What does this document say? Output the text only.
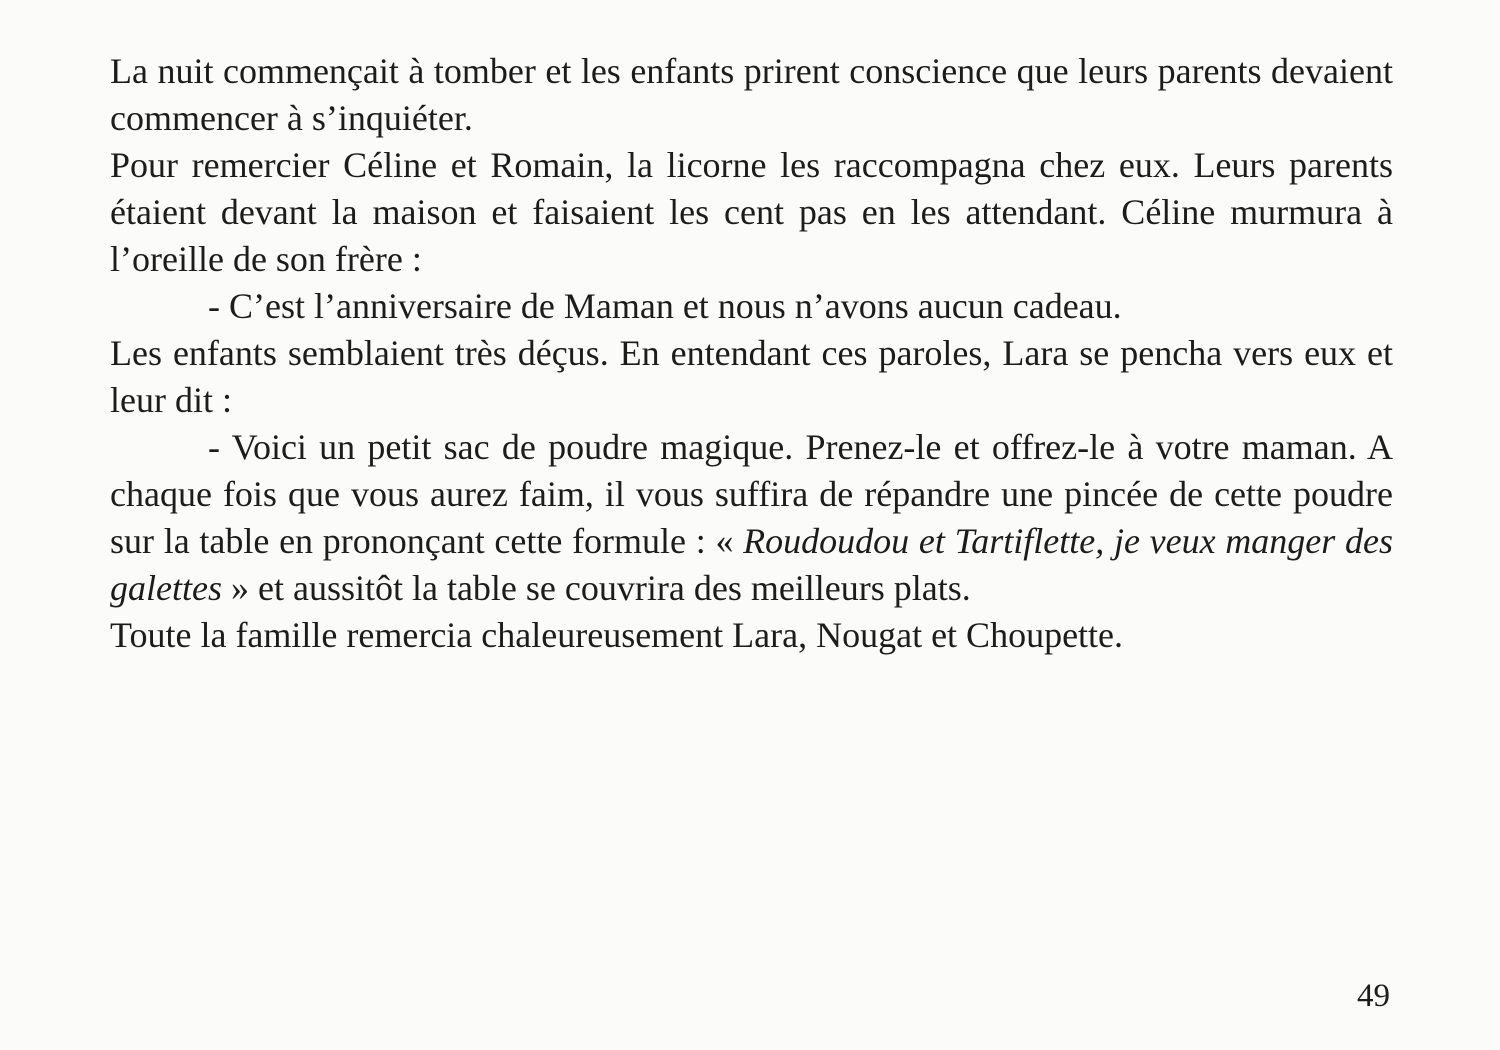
La nuit commençait à tomber et les enfants prirent conscience que leurs parents devaient commencer à s’inquiéter.

Pour remercier Céline et Romain, la licorne les raccompagna chez eux. Leurs parents étaient devant la maison et faisaient les cent pas en les attendant. Céline murmura à l’oreille de son frère :

- C’est l’anniversaire de Maman et nous n’avons aucun cadeau.

Les enfants semblaient très déçus. En entendant ces paroles, Lara se pencha vers eux et leur dit :

- Voici un petit sac de poudre magique. Prenez-le et offrez-le à votre maman. A chaque fois que vous aurez faim, il vous suffira de répandre une pincée de cette poudre sur la table en prononçant cette formule : « Roudoudou et Tartiflette, je veux manger des galettes » et aussitôt la table se couvrira des meilleurs plats.

Toute la famille remercia chaleureusement Lara, Nougat et Choupette.

49
